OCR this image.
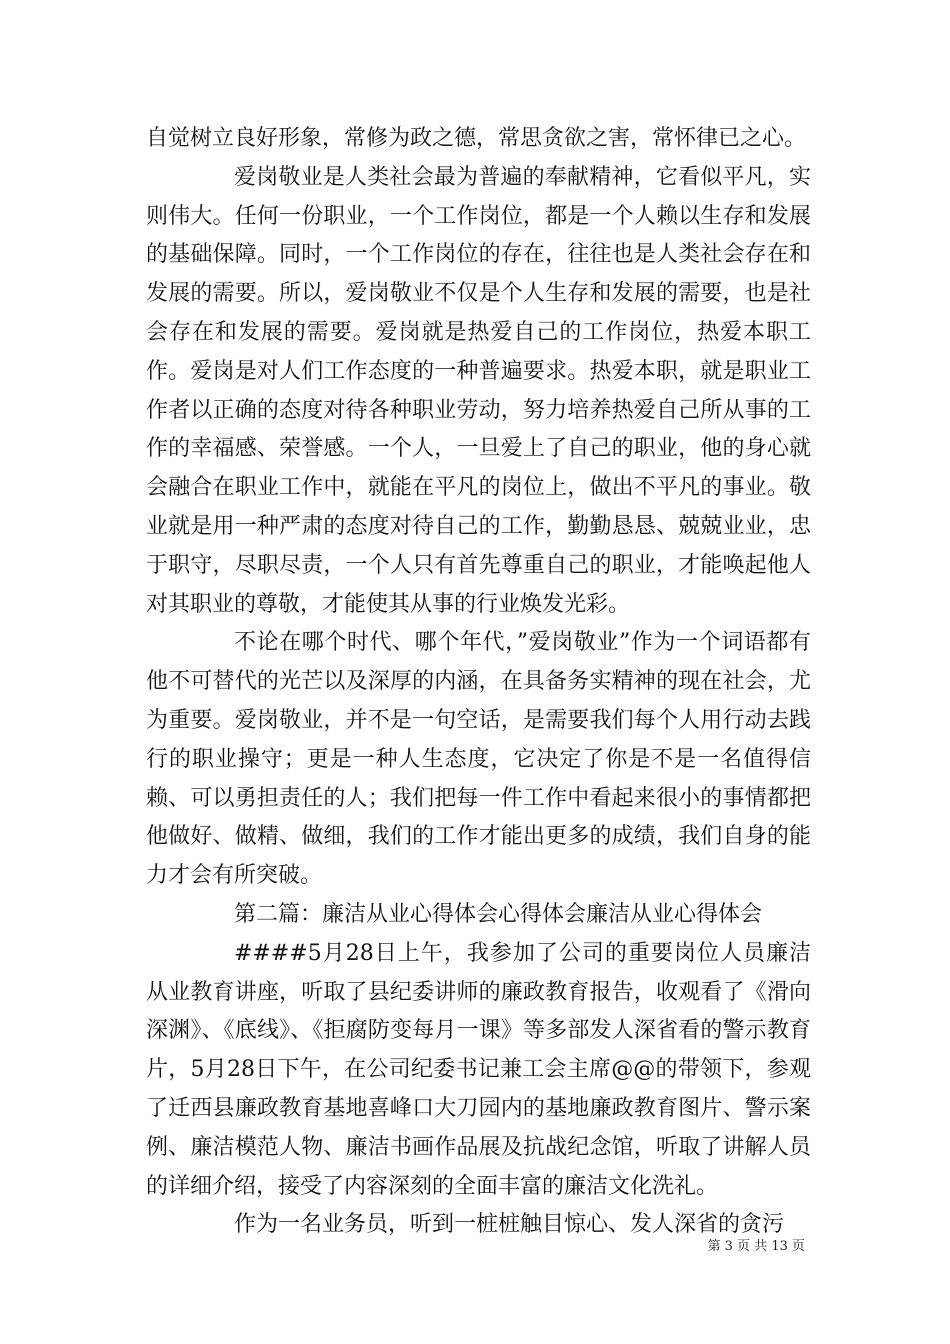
自觉树立良好形象，常修为政之德，常思贪欲之害，常怀律已之心。

爱岗敬业是人类社会最为普遍的奉献精神，它看似平凡，实则伟大。任何一份职业，一个工作岗位，都是一个人赖以生存和发展的基础保障。同时，一个工作岗位的存在，往往也是人类社会存在和发展的需要。所以，爱岗敬业不仅是个人生存和发展的需要，也是社会存在和发展的需要。爱岗就是热爱自己的工作岗位，热爱本职工作。爱岗是对人们工作态度的一种普遍要求。热爱本职，就是职业工作者以正确的态度对待各种职业劳动，努力培养热爱自己所从事的工作的幸福感、荣誉感。一个人，一旦爱上了自己的职业，他的身心就会融合在职业工作中，就能在平凡的岗位上，做出不平凡的事业。敬业就是用一种严肃的态度对待自己的工作，勤勤恳恳、兢兢业业，忠于职守，尽职尽责，一个人只有首先尊重自己的职业，才能唤起他人对其职业的尊敬，才能使其从事的行业焕发光彩。

不论在哪个时代、哪个年代，”爱岗敬业”作为一个词语都有他不可替代的光芒以及深厚的内涵，在具备务实精神的现在社会，尤为重要。爱岗敬业，并不是一句空话，是需要我们每个人用行动去践行的职业操守；更是一种人生态度，它决定了你是不是一名值得信赖、可以勇担责任的人；我们把每一件工作中看起来很小的事情都把他做好、做精、做细，我们的工作才能出更多的成绩，我们自身的能力才会有所突破。

第二篇：廉洁从业心得体会心得体会廉洁从业心得体会

####5月28日上午，我参加了公司的重要岗位人员廉洁从业教育讲座，听取了县纪委讲师的廉政教育报告，收观看了《滑向深渊》、《底线》、《拒腐防变每月一课》等多部发人深省看的警示教育片，5月28日下午，在公司纪委书记兼工会主席@@的带领下，参观了迁西县廉政教育基地喜峰口大刀园内的基地廉政教育图片、警示案例、廉洁模范人物、廉洁书画作品展及抗战纪念馆，听取了讲解人员的详细介绍，接受了内容深刻的全面丰富的廉洁文化洗礼。

作为一名业务员，听到一桩桩触目惊心、发人深省的贪污

第 3 页 共 13 页
